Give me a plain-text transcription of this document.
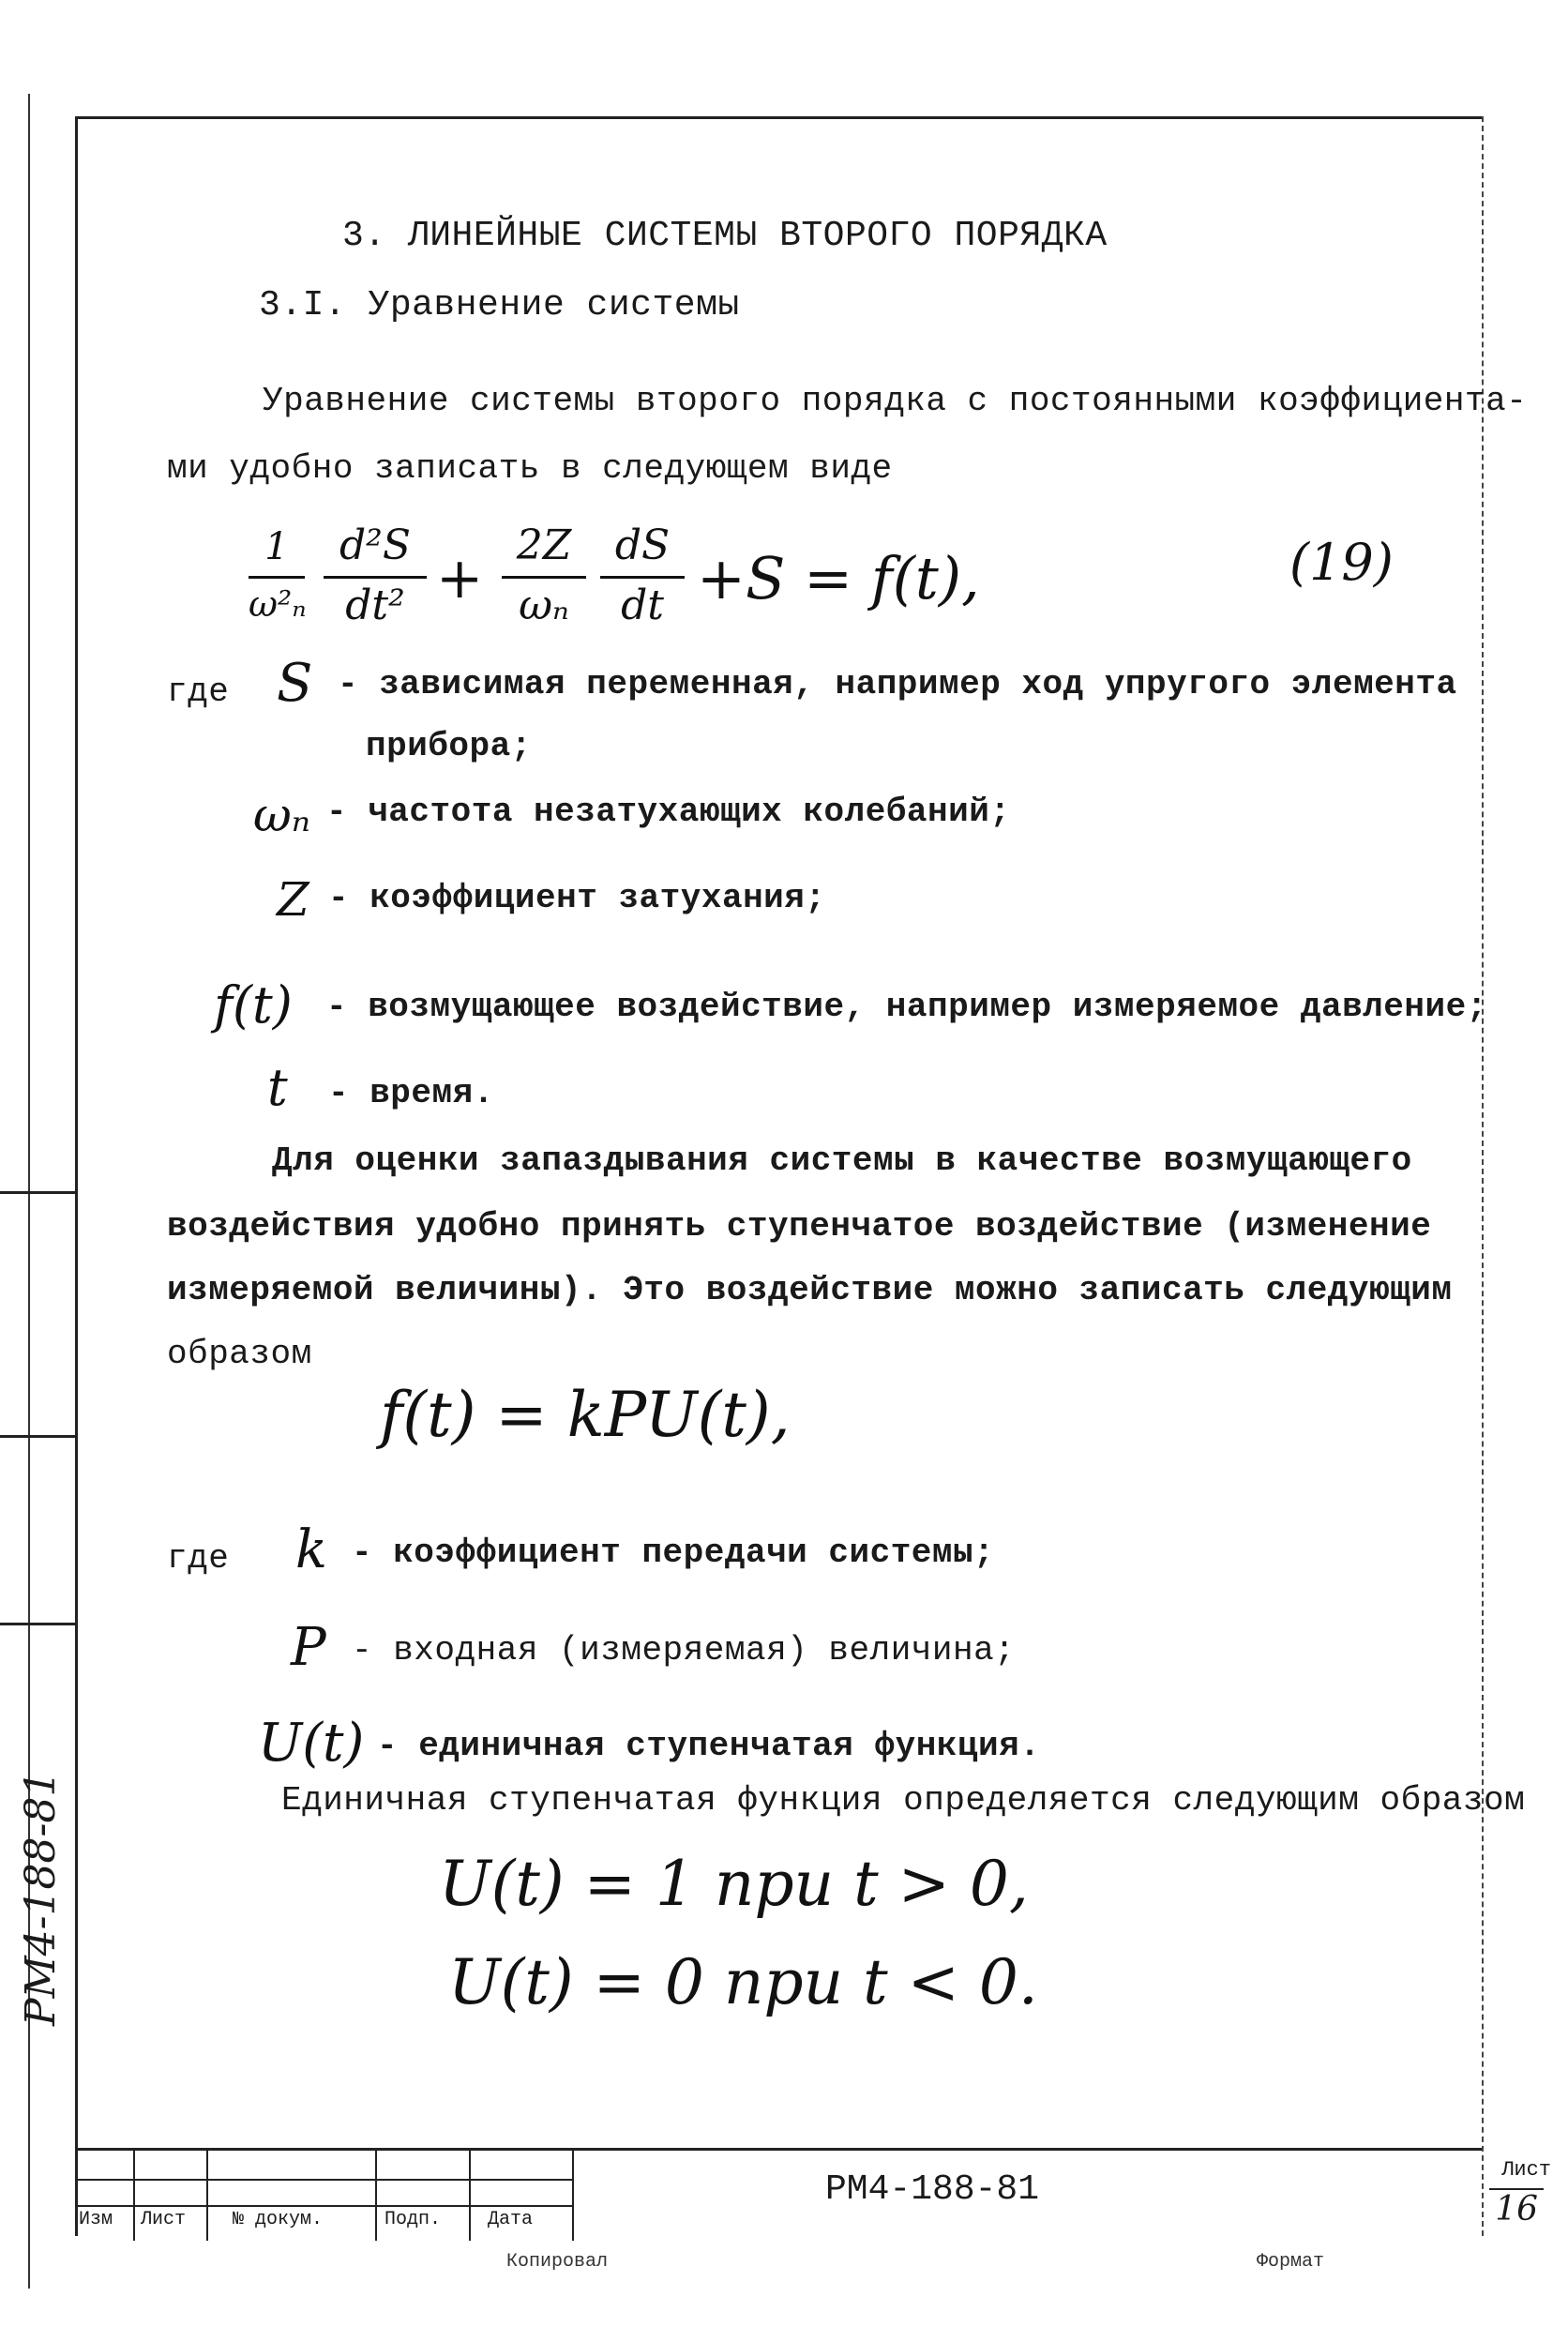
3. ЛИНЕЙНЫЕ СИСТЕМЫ ВТОРОГО ПОРЯДКА
3.I. Уравнение системы
Уравнение системы второго порядка с постоянными коэффициента-
ми удобно записать в следующем виде
1
ω²ₙ
d²S
dt² +
2Z
ωₙ
dS
dt +S = f(t),	(19)
где S - зависимая переменная, например ход упругого элемента
прибора;
ωₙ - частота незатухающих колебаний;
Z - коэффициент затухания;
f(t) - возмущающее воздействие, например измеряемое давление;
t - время.
Для оценки запаздывания системы в качестве возмущающего
воздействия удобно принять ступенчатое воздействие (изменение
измеряемой величины). Это воздействие можно записать следующим
образом
f(t) = kPU(t),
где k - коэффициент передачи системы;
P - входная (измеряемая) величина;
U(t) - единичная ступенчатая функция.
Единичная ступенчатая функция определяется следующим образом
U(t) = 1 при t > 0,
U(t) = 0 при t < 0.
Изм Лист № докум.	Подп. Дата
РМ4-188-81	Лист
16
Копировал	Формат
РМ4-188-81
